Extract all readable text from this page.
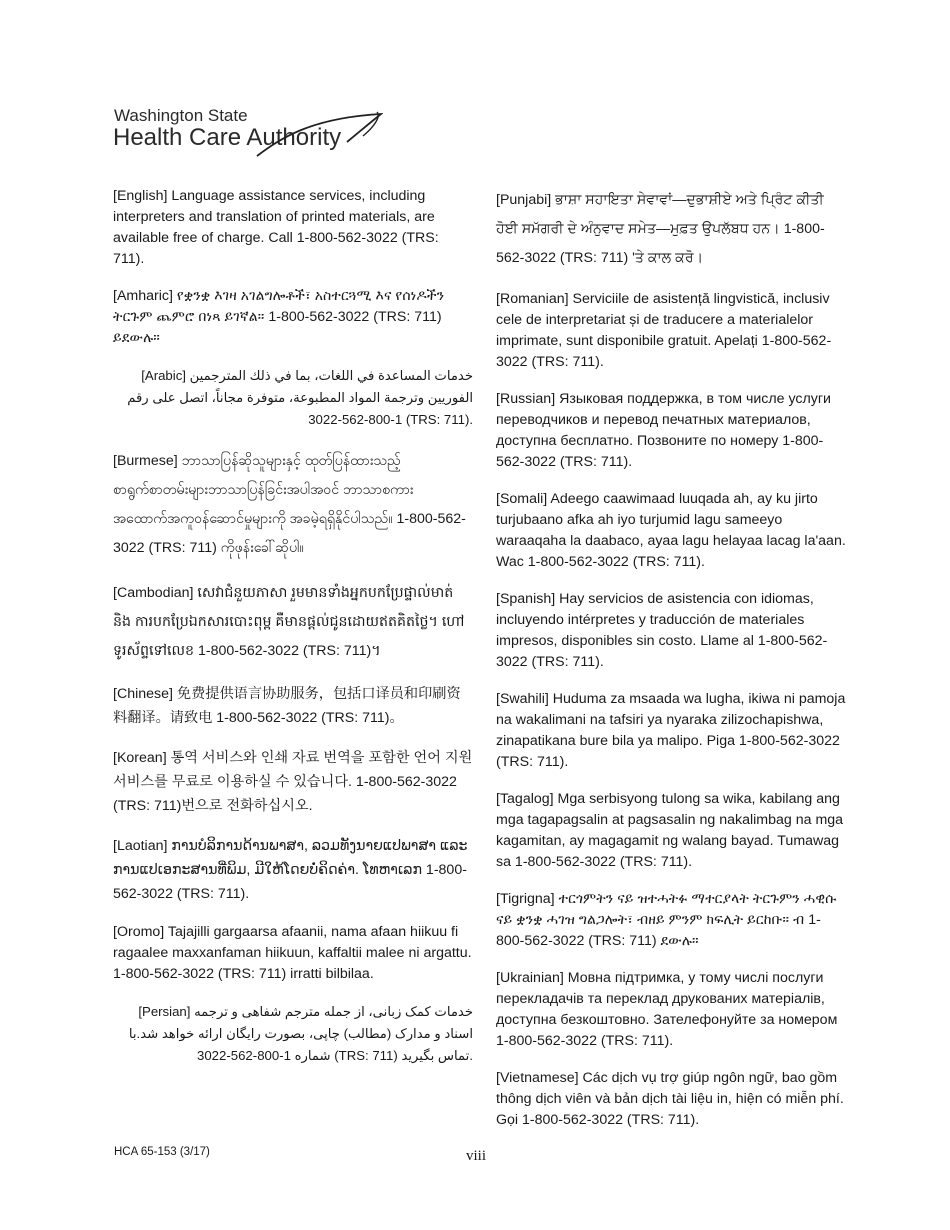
Washington State
Health Care Authority

[English] Language assistance services, including interpreters and translation of printed materials, are available free of charge. Call 1-800-562-3022 (TRS: 711).

[Amharic] የቋንቋ እገዛ አገልግሎቶች፣ አስተርጓሚ እና የሰነዶችን ትርጉም ጨምሮ በነጻ ይገኛል። 1-800-562-3022 (TRS: 711) ይደውሉ።

[Arabic] خدمات المساعدة في اللغات، بما في ذلك المترجمين الفوريين وترجمة المواد المطبوعة، متوفرة مجاناً، اتصل على رقم 1-800-562-3022 (TRS: 711).

[Burmese] ဘာသာပြန်ဆိုသူများနှင့် ထုတ်ပြန်ထားသည့် စာရွက်စာတမ်းများဘာသာပြန်ခြင်းအပါအဝင် ဘာသာစကားအထောက်အကူဝန်ဆောင်မှုများကို အခမဲ့ရရှိနိုင်ပါသည်။ 1-800-562-3022 (TRS: 711) ကိုဖုန်းခေါ်ဆိုပါ။

[Cambodian] សេវាជំនួយភាសា រួមមានទាំងអ្នកបកប្រែផ្ទាល់មាត់ និង ការបកប្រែឯកសារបោះពុម្ព គឺមានផ្តល់ជូនដោយឥតគិតថ្លៃ។ ហៅទូរស័ព្ទទៅលេខ 1-800-562-3022 (TRS: 711)។

[Chinese] 免费提供语言协助服务，包括口译员和印刷资料翻译。请致电 1-800-562-3022 (TRS: 711)。

[Korean] 통역 서비스와 인쇄 자료 번역을 포함한 언어 지원 서비스를 무료로 이용하실 수 있습니다. 1-800-562-3022 (TRS: 711)번으로 전화하십시오.

[Laotian] ການບໍລິການດ້ານພາສາ, ລວມທັງນາຍແປພາສາ ແລະ ການແປເອກະສານທີ່ພິມ, ມີໃຫ້ໂດຍບໍ່ຄິດຄ່າ. ໂທຫາເລກ 1-800-562-3022 (TRS: 711).

[Oromo] Tajajilli gargaarsa afaanii, nama afaan hiikuu fi ragaalee maxxanfaman hiikuun, kaffaltii malee ni argattu. 1-800-562-3022 (TRS: 711) irratti bilbilaa.

[Persian] خدمات کمک زبانی، از جمله مترجم شفاهی و ترجمه اسناد و مدارک (مطالب) چاپی، بصورت رایگان ارائه خواهد شد.با شماره 1-800-562-3022 (TRS: 711) تماس بگیرید.

[Punjabi] ਭਾਸ਼ਾ ਸਹਾਇਤਾ ਸੇਵਾਵਾਂ—ਦੁਭਾਸ਼ੀਏ ਅਤੇ ਪ੍ਰਿੰਟ ਕੀਤੀ ਹੋਈ ਸਮੱਗਰੀ ਦੇ ਅੰਨੁਵਾਦ ਸਮੇਤ—ਮੁਫ਼ਤ ਉਪਲੱਬਧ ਹਨ। 1-800-562-3022 (TRS: 711) 'ਤੇ ਕਾਲ ਕਰੋ।

[Romanian] Serviciile de asistență lingvistică, inclusiv cele de interpretariat și de traducere a materialelor imprimate, sunt disponibile gratuit. Apelați 1-800-562-3022 (TRS: 711).

[Russian] Языковая поддержка, в том числе услуги переводчиков и перевод печатных материалов, доступна бесплатно. Позвоните по номеру 1-800-562-3022 (TRS: 711).

[Somali] Adeego caawimaad luuqada ah, ay ku jirto turjubaano afka ah iyo turjumid lagu sameeyo waraaqaha la daabaco, ayaa lagu helayaa lacag la'aan. Wac 1-800-562-3022 (TRS: 711).

[Spanish] Hay servicios de asistencia con idiomas, incluyendo intérpretes y traducción de materiales impresos, disponibles sin costo. Llame al 1-800-562-3022 (TRS: 711).

[Swahili] Huduma za msaada wa lugha, ikiwa ni pamoja na wakalimani na tafsiri ya nyaraka zilizochapishwa, zinapatikana bure bila ya malipo. Piga 1-800-562-3022 (TRS: 711).

[Tagalog] Mga serbisyong tulong sa wika, kabilang ang mga tagapagsalin at pagsasalin ng nakalimbag na mga kagamitan, ay magagamit ng walang bayad. Tumawag sa 1-800-562-3022 (TRS: 711).

[Tigrigna] ተርጎምትን ናይ ዝተሓትፉ ማተርያላት ትርጉምን ሓዊሱ ናይ ቋንቋ ሓገዝ ግልጋሎት፣ ብዘይ ምንም ክፍሊት ይርከቡ። ብ 1-800-562-3022 (TRS: 711) ደውሉ።

[Ukrainian] Мовна підтримка, у тому числі послуги перекладачів та переклад друкованих матеріалів, доступна безкоштовно. Зателефонуйте за номером 1-800-562-3022 (TRS: 711).

[Vietnamese] Các dịch vụ trợ giúp ngôn ngữ, bao gồm thông dịch viên và bản dịch tài liệu in, hiện có miễn phí. Gọi 1-800-562-3022 (TRS: 711).

HCA 65-153 (3/17)	viii
